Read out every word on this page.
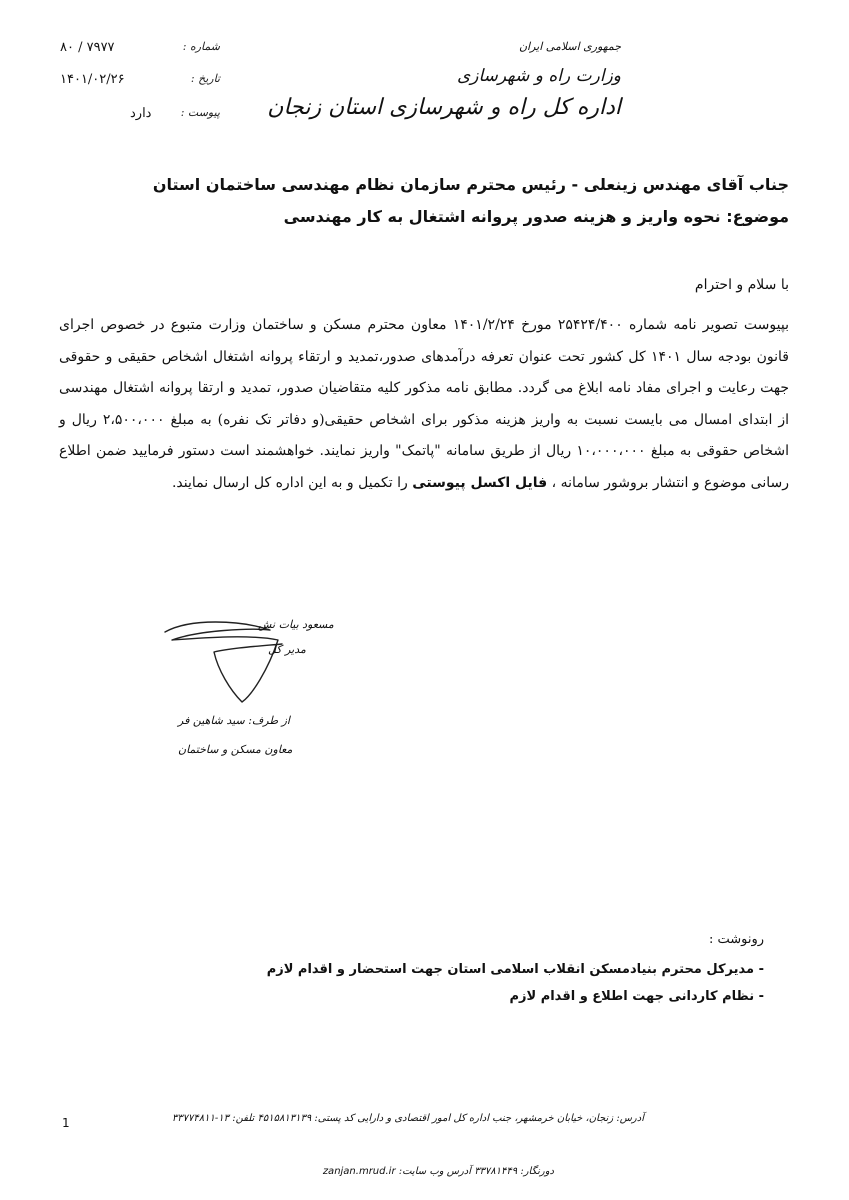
شماره :
۸۰ / ۷۹۷۷
تاریخ :
۱۴۰۱/۰۲/۲۶
پیوست :
دارد
جمهوری اسلامی ایران
وزارت راه و شهرسازی
اداره کل راه و شهرسازی استان زنجان
جناب آقای مهندس زینعلی - رئیس محترم سازمان نظام مهندسی ساختمان استان
موضوع: نحوه واریز و هزینه صدور پروانه اشتغال به کار مهندسی
با سلام و احترام
بپیوست تصویر نامه شماره ۲۵۴۲۴/۴۰۰ مورخ ۱۴۰۱/۲/۲۴ معاون محترم مسکن و ساختمان وزارت متبوع در خصوص اجرای قانون بودجه سال ۱۴۰۱ کل کشور تحت عنوان تعرفه درآمدهای صدور،تمدید و ارتقاء پروانه اشتغال اشخاص حقیقی و حقوقی جهت رعایت و اجرای مفاد نامه ابلاغ می گردد. مطابق نامه مذکور کلیه متقاضیان صدور، تمدید و ارتقا پروانه اشتغال مهندسی از ابتدای امسال می بایست نسبت به واریز هزینه مذکور برای اشخاص حقیقی(و دفاتر تک نفره) به مبلغ ۲،۵۰۰،۰۰۰ ریال و اشخاص حقوقی به مبلغ ۱۰،۰۰۰،۰۰۰ ریال از طریق سامانه "پاتمک" واریز نمایند. خواهشمند است دستور فرمایید ضمن اطلاع رسانی موضوع و انتشار بروشور سامانه ، فایل اکسل پیوستی را تکمیل و به این اداره کل ارسال نمایند.
مسعود بیات نش
مدیر کل
از طرف: سید شاهین فر
معاون مسکن و ساختمان
رونوشت :
- مدیرکل محترم بنیادمسکن انقلاب اسلامی استان جهت استحضار و اقدام لازم
- نظام کاردانی جهت اطلاع و اقدام لازم
1	آدرس: زنجان، خیابان خرمشهر، جنب اداره کل امور اقتصادی و دارایی کد پستی: ۴۵۱۵۸۱۳۱۳۹ تلفن: ۱۳-۳۳۷۷۴۸۱۱
دورنگار: ۳۳۷۸۱۴۴۹ آدرس وب سایت: zanjan.mrud.ir
